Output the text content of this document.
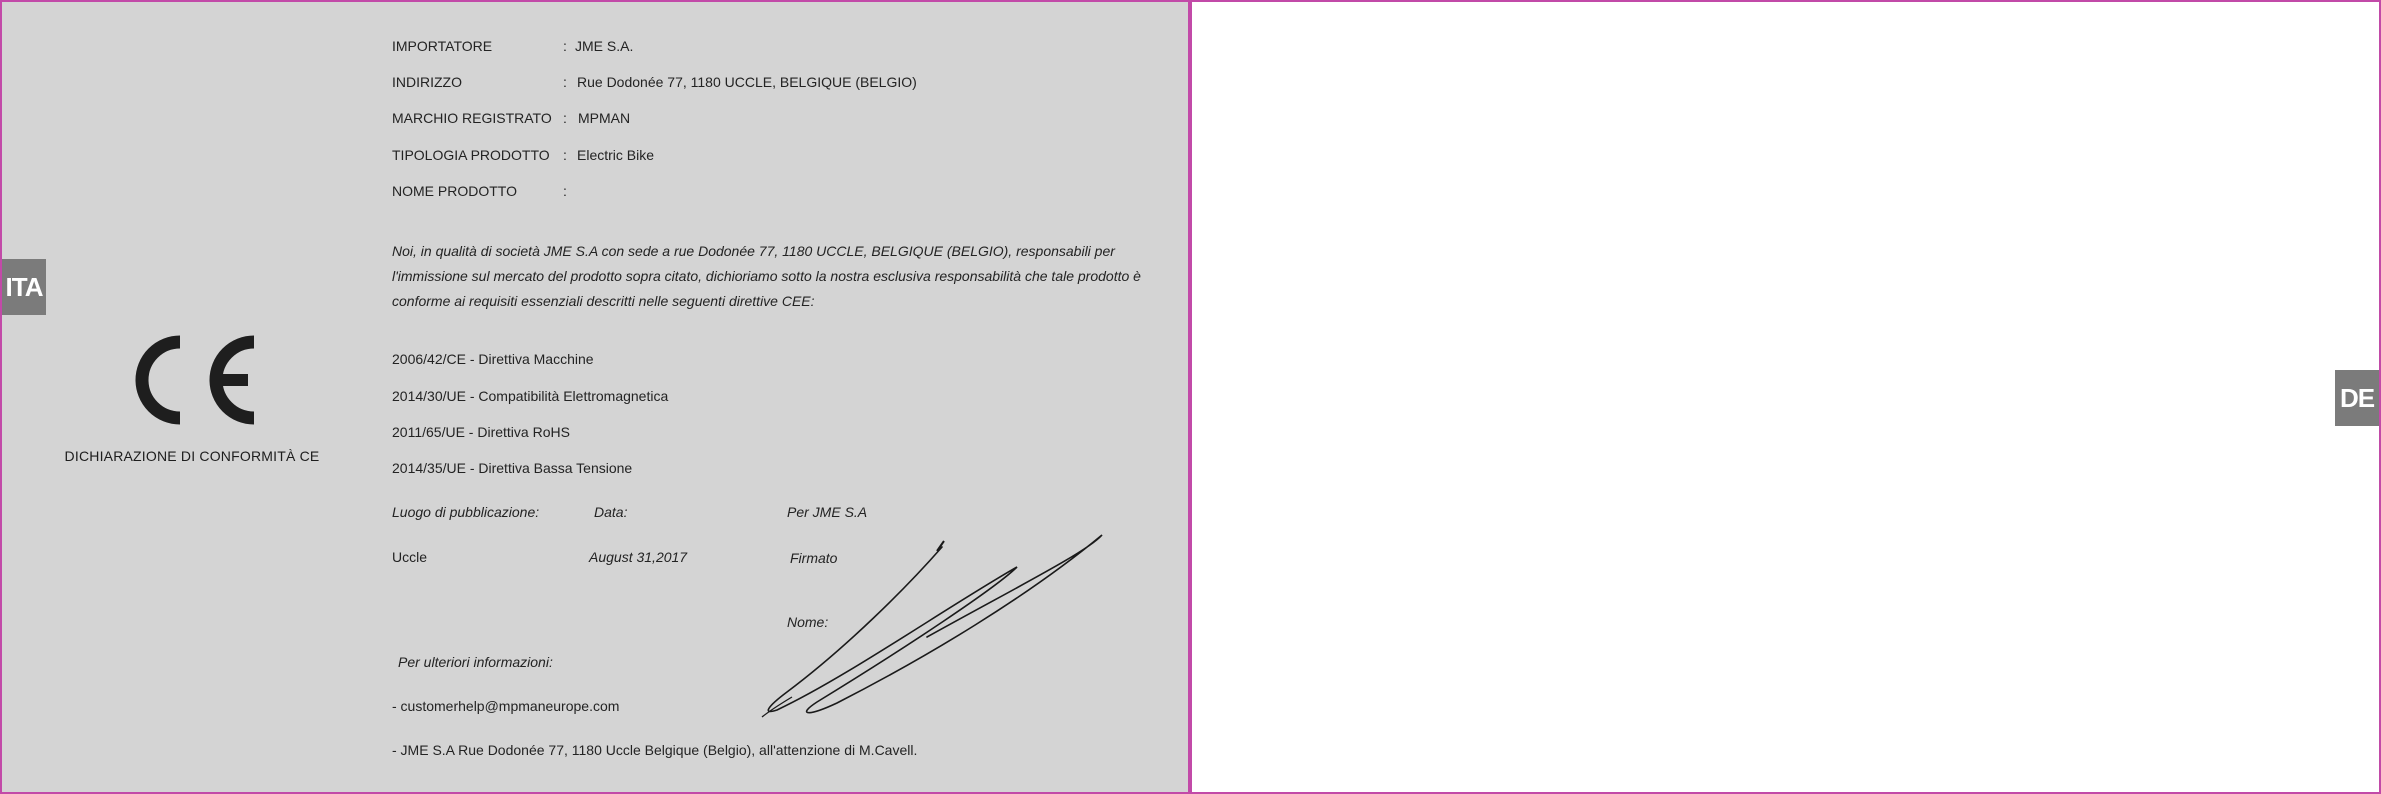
ITA
DICHIARAZIONE DI CONFORMITÀ CE
IMPORTATORE	: JME S.A.
INDIRIZZO	: Rue Dodonée 77, 1180 UCCLE, BELGIQUE (BELGIO)
MARCHIO REGISTRATO : MPMAN
TIPOLOGIA PRODOTTO : Electric Bike
NOME PRODOTTO	:
Noi, in qualità di società JME S.A con sede a rue Dodonée 77, 1180 UCCLE, BELGIQUE (BELGIO), responsabili per l'immissione sul mercato del prodotto sopra citato, dichioriamo sotto la nostra esclusiva responsabilità che tale prodotto è conforme ai requisiti essenziali descritti nelle seguenti direttive CEE:
2006/42/CE - Direttiva Macchine
2014/30/UE - Compatibilità Elettromagnetica
2011/65/UE - Direttiva RoHS
2014/35/UE - Direttiva Bassa Tensione
Luogo di pubblicazione:	Data:	Per JME S.A
Uccle	August 31,2017	Firmato
Nome:
Per ulteriori informazioni:
- customerhelp@mpmaneurope.com
- JME S.A Rue Dodonée 77, 1180 Uccle Belgique (Belgio), all'attenzione di M.Cavell.
DE
